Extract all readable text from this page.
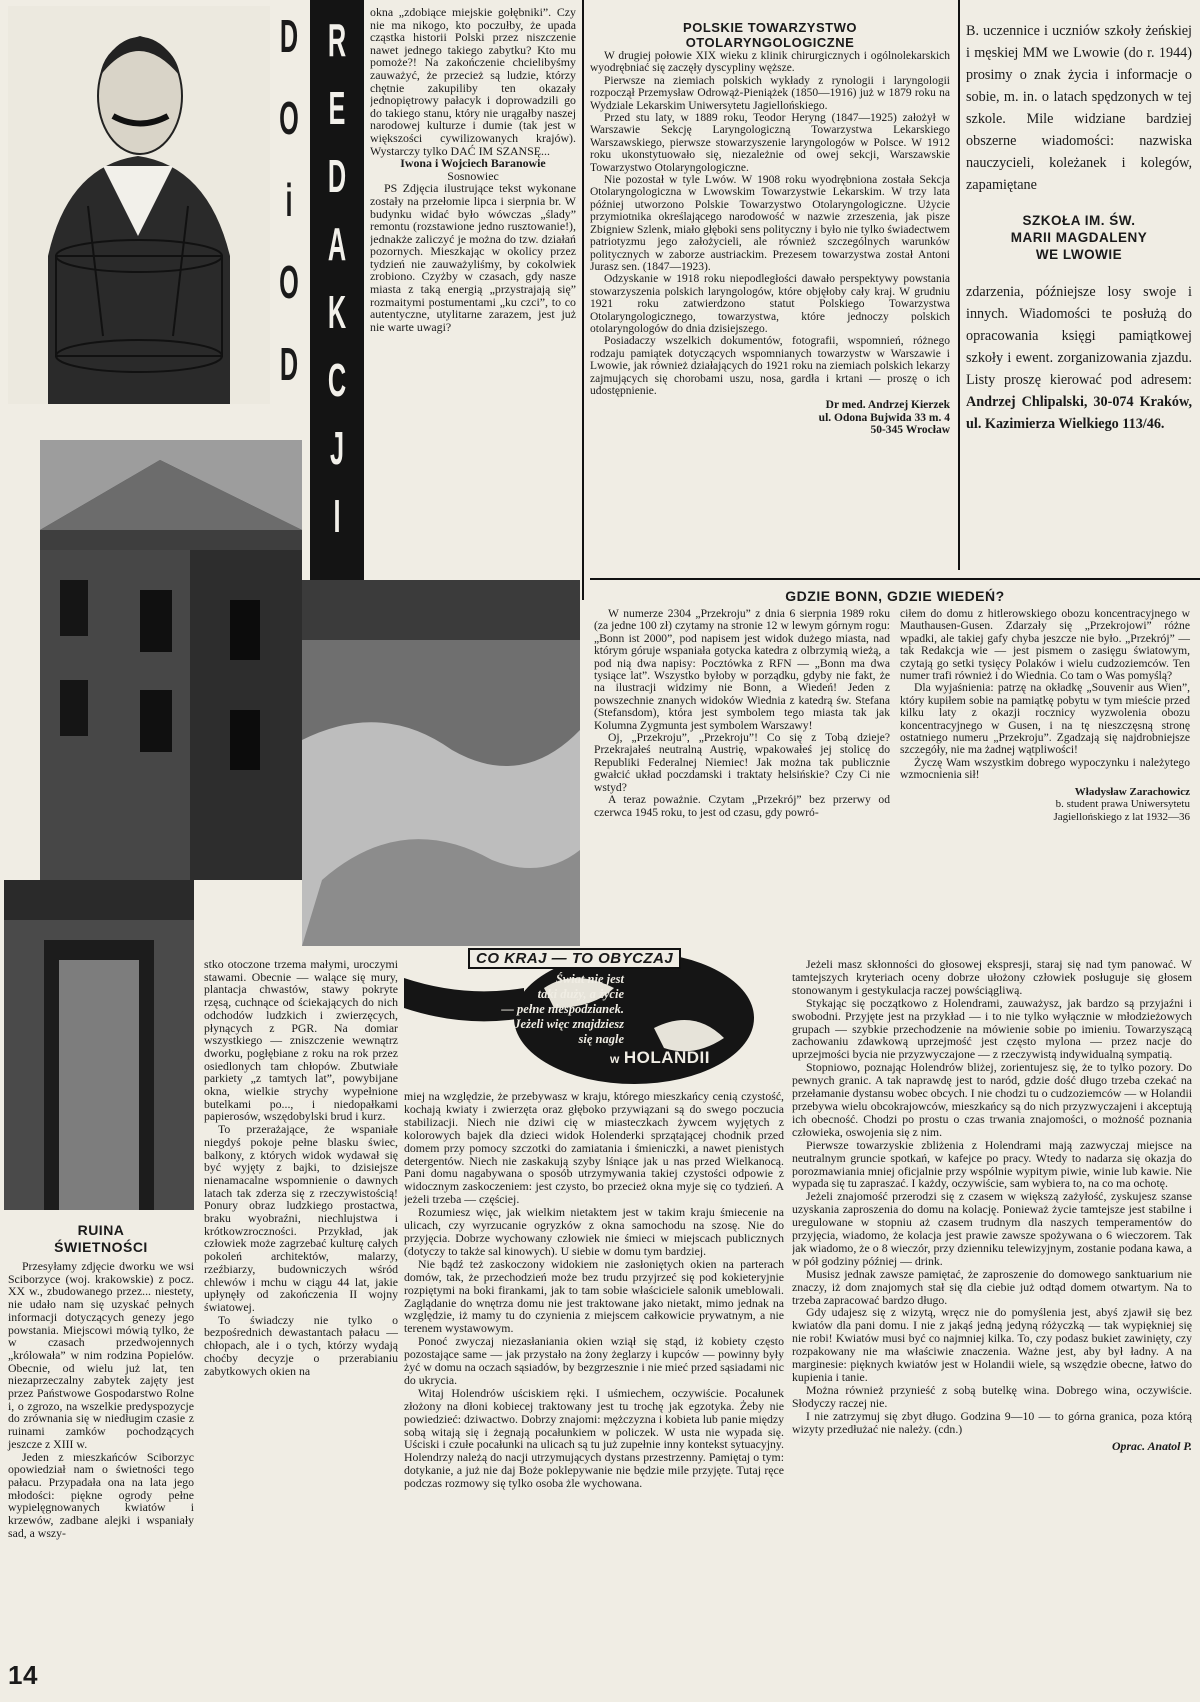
D
O
i
O
D
R
E
D
A
K
C
J
I

okna „zdobiące miejskie gołębniki”. Czy nie ma nikogo, kto poczułby, że upada cząstka historii Polski przez niszczenie nawet jednego takiego zabytku? Kto mu pomoże?! Na zakończenie chcielibyśmy zauważyć, że przecież są ludzie, którzy chętnie zakupiliby ten okazały jednopiętrowy pałacyk i doprowadzili go do takiego stanu, który nie urągałby naszej narodowej kulturze i dumie (tak jest w większości cywilizowanych krajów). Wystarczy tylko DAĆ IM SZANSĘ...

Iwona i Wojciech Baranowie

Sosnowiec

PS Zdjęcia ilustrujące tekst wykonane zostały na przełomie lipca i sierpnia br. W budynku widać było wówczas „ślady” remontu (rozstawione jedno rusztowanie!), jednakże zaliczyć je można do tzw. działań pozornych. Mieszkając w okolicy przez tydzień nie zauważyliśmy, by cokolwiek zrobiono. Czyżby w czasach, gdy nasze miasta z taką energią „przystrajają się” rozmaitymi postumentami „ku czci”, to co autentyczne, utylitarne zarazem, jest już nie warte uwagi?

POLSKIE TOWARZYSTWO
OTOLARYNGOLOGICZNE

W drugiej połowie XIX wieku z klinik chirurgicznych i ogólnolekarskich wyodrębniać się zaczęły dyscypliny węższe.

Pierwsze na ziemiach polskich wykłady z rynologii i laryngologii rozpoczął Przemysław Odrowąż-Pieniążek (1850—1916) już w 1879 roku na Wydziale Lekarskim Uniwersytetu Jagiellońskiego.

Przed stu laty, w 1889 roku, Teodor Heryng (1847—1925) założył w Warszawie Sekcję Laryngologiczną Towarzystwa Lekarskiego Warszawskiego, pierwsze stowarzyszenie laryngologów w Polsce. W 1912 roku ukonstytuowało się, niezależnie od owej sekcji, Warszawskie Towarzystwo Otolaryngologiczne.

Nie pozostał w tyle Lwów. W 1908 roku wyodrębniona została Sekcja Otolaryngologiczna w Lwowskim Towarzystwie Lekarskim. W trzy lata później utworzono Polskie Towarzystwo Otolaryngologiczne. Użycie przymiotnika określającego narodowość w nazwie zrzeszenia, jak pisze Zbigniew Szlenk, miało głęboki sens polityczny i było nie tylko świadectwem patriotyzmu jego założycieli, ale również szczególnych warunków politycznych w zaborze austriackim. Prezesem towarzystwa został Antoni Jurasz sen. (1847—1923).

Odzyskanie w 1918 roku niepodległości dawało perspektywy powstania stowarzyszenia polskich laryngologów, które objęłoby cały kraj. W grudniu 1921 roku zatwierdzono statut Polskiego Towarzystwa Otolaryngologicznego, towarzystwa, które jednoczy polskich otolaryngologów do dnia dzisiejszego.

Posiadaczy wszelkich dokumentów, fotografii, wspomnień, różnego rodzaju pamiątek dotyczących wspomnianych towarzystw w Warszawie i Lwowie, jak również działających do 1921 roku na ziemiach polskich lekarzy zajmujących się chorobami uszu, nosa, gardła i krtani — proszę o ich udostępnienie.

Dr med. Andrzej Kierzek
ul. Odona Bujwida 33 m. 4
50-345 Wrocław

B. uczennice i uczniów szkoły żeńskiej i męskiej MM we Lwowie (do r. 1944) prosimy o znak życia i informacje o sobie, m. in. o latach spędzonych w tej szkole. Mile widziane bardziej obszerne wiadomości: nazwiska nauczycieli, koleżanek i kolegów, zapamiętane

SZKOŁA IM. ŚW.
MARII MAGDALENY
WE LWOWIE

zdarzenia, późniejsze losy swoje i innych. Wiadomości te posłużą do opracowania księgi pamiątkowej szkoły i ewent. zorganizowania zjazdu. Listy proszę kierować pod adresem: Andrzej Chlipalski, 30-074 Kraków, ul. Kazimierza Wielkiego 113/46.

GDZIE BONN, GDZIE WIEDEŃ?

W numerze 2304 „Przekroju” z dnia 6 sierpnia 1989 roku (za jedne 100 zł) czytamy na stronie 12 w lewym górnym rogu: „Bonn ist 2000”, pod napisem jest widok dużego miasta, nad którym góruje wspaniała gotycka katedra z olbrzymią wieżą, a pod nią dwa napisy: Pocztówka z RFN — „Bonn ma dwa tysiące lat”. Wszystko byłoby w porządku, gdyby nie fakt, że na ilustracji widzimy nie Bonn, a Wiedeń! Jeden z powszechnie znanych widoków Wiednia z katedrą św. Stefana (Stefansdom), która jest symbolem tego miasta tak jak Kolumna Zygmunta jest symbolem Warszawy!

Oj, „Przekroju”, „Przekroju”! Co się z Tobą dzieje? Przekrajałeś neutralną Austrię, wpakowałeś jej stolicę do Republiki Federalnej Niemiec! Jak można tak publicznie gwałcić układ poczdamski i traktaty helsińskie? Czy Ci nie wstyd?

A teraz poważnie. Czytam „Przekrój” bez przerwy od czerwca 1945 roku, to jest od czasu, gdy powró-

ciłem do domu z hitlerowskiego obozu koncentracyjnego w Mauthausen-Gusen. Zdarzały się „Przekrojowi” różne wpadki, ale takiej gafy chyba jeszcze nie było. „Przekrój” — tak Redakcja wie — jest pismem o zasięgu światowym, czytają go setki tysięcy Polaków i wielu cudzoziemców. Ten numer trafi również i do Wiednia. Co tam o Was pomyślą?

Dla wyjaśnienia: patrzę na okładkę „Souvenir aus Wien”, który kupiłem sobie na pamiątkę pobytu w tym mieście przed kilku laty z okazji rocznicy wyzwolenia obozu koncentracyjnego w Gusen, i na tę nieszczęsną stronę ostatniego numeru „Przekroju”. Zgadzają się najdrobniejsze szczegóły, nie ma żadnej wątpliwości!

Życzę Wam wszystkim dobrego wypoczynku i należytego wzmocnienia sił!

Władysław Zarachowicz
b. student prawa Uniwersytetu
Jagiellońskiego z lat 1932—36
CO KRAJ — TO OBYCZAJ
Świat nie jest
taki duży, a życie
— pełne niespodzianek.
Jeżeli więc znajdziesz
się nagle
w HOLANDII

miej na względzie, że przebywasz w kraju, którego mieszkańcy cenią czystość, kochają kwiaty i zwierzęta oraz głęboko przywiązani są do swego poczucia stabilizacji. Niech nie dziwi cię w miasteczkach żywcem wyjętych z kolorowych bajek dla dzieci widok Holenderki sprzątającej chodnik przed domem przy pomocy szczotki do zamiatania i śmieniczki, a nawet pienistych detergentów. Niech nie zaskakują szyby lśniące jak u nas przed Wielkanocą. Pani domu nagabywana o sposób utrzymywania takiej czystości odpowie z widocznym zaskoczeniem: jest czysto, bo przecież okna myje się co tydzień. A jeżeli trzeba — częściej.

Rozumiesz więc, jak wielkim nietaktem jest w takim kraju śmiecenie na ulicach, czy wyrzucanie ogryzków z okna samochodu na szosę. Nie do przyjęcia. Dobrze wychowany człowiek nie śmieci w miejscach publicznych (dotyczy to także sal kinowych). U siebie w domu tym bardziej.

Nie bądź też zaskoczony widokiem nie zasłoniętych okien na parterach domów, tak, że przechodzień może bez trudu przyjrzeć się pod kokieteryjnie rozpiętymi na boki firankami, jak to tam sobie właściciele salonik umeblowali. Zaglądanie do wnętrza domu nie jest traktowane jako nietakt, mimo jednak na względzie, iż mamy tu do czynienia z miejscem całkowicie prywatnym, a nie terenem wystawowym.

Ponoć zwyczaj niezasłaniania okien wziął się stąd, iż kobiety często pozostające same — jak przystało na żony żeglarzy i kupców — powinny były żyć w domu na oczach sąsiadów, by bezgrzesznie i nie mieć przed sąsiadami nic do ukrycia.

Witaj Holendrów uściskiem ręki. I uśmiechem, oczywiście. Pocałunek złożony na dłoni kobiecej traktowany jest tu trochę jak egzotyka. Żeby nie powiedzieć: dziwactwo. Dobrzy znajomi: mężczyzna i kobieta lub panie między sobą witają się i żegnają pocałunkiem w policzek. W usta nie wypada się. Uściski i czułe pocałunki na ulicach są tu już zupełnie inny kontekst sytuacyjny. Holendrzy należą do nacji utrzymujących dystans przestrzenny. Pamiętaj o tym: dotykanie, a już nie daj Boże poklepywanie nie będzie mile przyjęte. Tutaj ręce podczas rozmowy się tylko osoba żle wychowana.

Jeżeli masz skłonności do głosowej ekspresji, staraj się nad tym panować. W tamtejszych kryteriach oceny dobrze ułożony człowiek posługuje się głosem stonowanym i gestykulacja raczej powściągliwą.

Stykając się początkowo z Holendrami, zauważysz, jak bardzo są przyjaźni i swobodni. Przyjęte jest na przykład — i to nie tylko wyłącznie w młodzieżowych grupach — szybkie przechodzenie na mówienie sobie po imieniu. Towarzyszącą zachowaniu zdawkową uprzejmość jest często mylona — przez nacje do uprzejmości bycia nie przyzwyczajone — z rzeczywistą indywidualną sympatią.

Stopniowo, poznając Holendrów bliżej, zorientujesz się, że to tylko pozory. Do pewnych granic. A tak naprawdę jest to naród, gdzie dość długo trzeba czekać na przełamanie dystansu wobec obcych. I nie chodzi tu o cudzoziemców — w Holandii przebywa wielu obcokrajowców, mieszkańcy są do nich przyzwyczajeni i akceptują ich obecność. Chodzi po prostu o czas trwania znajomości, o możność poznania człowieka, oswojenia się z nim.

Pierwsze towarzyskie zbliżenia z Holendrami mają zazwyczaj miejsce na neutralnym gruncie spotkań, w kafejce po pracy. Wtedy to nadarza się okazja do porozmawiania mniej oficjalnie przy wspólnie wypitym piwie, winie lub kawie. Nie wypada się tu zapraszać. I każdy, oczywiście, sam wybiera to, na co ma ochotę.

Jeżeli znajomość przerodzi się z czasem w większą zażyłość, zyskujesz szanse uzyskania zaproszenia do domu na kolację. Ponieważ życie tamtejsze jest stabilne i uregulowane w stopniu aż czasem trudnym dla naszych temperamentów do przyjęcia, wiadomo, że kolacja jest prawie zawsze spożywana o 6 wieczorem. Tak jak wiadomo, że o 8 wieczór, przy dzienniku telewizyjnym, zostanie podana kawa, a w pół godziny później — drink.

Musisz jednak zawsze pamiętać, że zaproszenie do domowego sanktuarium nie znaczy, iż dom znajomych stał się dla ciebie już odtąd domem otwartym. Na to trzeba zapracować bardzo długo.

Gdy udajesz się z wizytą, wręcz nie do pomyślenia jest, abyś zjawił się bez kwiatów dla pani domu. I nie z jakąś jedną jedyną różyczką — tak wypiękniej się nie robi! Kwiatów musi być co najmniej kilka. To, czy podasz bukiet zawinięty, czy rozpakowany nie ma właściwie znaczenia. Ważne jest, aby był ładny. A na marginesie: pięknych kwiatów jest w Holandii wiele, są wszędzie obecne, łatwo do kupienia i tanie.

Można również przynieść z sobą butelkę wina. Dobrego wina, oczywiście. Słodyczy raczej nie.

I nie zatrzymuj się zbyt długo. Godzina 9—10 — to górna granica, poza którą wizyty przedłużać nie należy. (cdn.)

Oprac. Anatol P.
RUINA
ŚWIETNOŚCI

Przesyłamy zdjęcie dworku we wsi Sciborzyce (woj. krakowskie) z pocz. XX w., zbudowanego przez... niestety, nie udało nam się uzyskać pełnych informacji dotyczących genezy jego powstania. Miejscowi mówią tylko, że w czasach przedwojennych „królowała” w nim rodzina Popielów. Obecnie, od wielu już lat, ten niezaprzeczalny zabytek zajęty jest przez Państwowe Gospodarstwo Rolne i, o zgrozo, na wszelkie predyspozycje do zrównania się w niedługim czasie z ruinami zamków pochodzących jeszcze z XIII w.

Jeden z mieszkańców Sciborzyc opowiedział nam o świetności tego pałacu. Przypadała ona na lata jego młodości: piękne ogrody pełne wypielęgnowanych kwiatów i krzewów, zadbane alejki i wspaniały sad, a wszy-

stko otoczone trzema małymi, uroczymi stawami. Obecnie — walące się mury, plantacja chwastów, stawy pokryte rzęsą, cuchnące od ściekających do nich odchodów ludzkich i zwierzęcych, płynących z PGR. Na domiar wszystkiego — zniszczenie wewnątrz dworku, pogłębiane z roku na rok przez osiedlonych tam chłopów. Zbutwiałe parkiety „z tamtych lat”, powybijane okna, wielkie strychy wypełnione butelkami po..., i niedopałkami papierosów, wszędobylski brud i kurz.

To przerażające, że wspaniałe niegdyś pokoje pełne blasku świec, balkony, z których widok wydawał się być wyjęty z bajki, to dzisiejsze nienamacalne wspomnienie o dawnych latach tak zderza się z rzeczywistością! Ponury obraz ludzkiego prostactwa, braku wyobraźni, niechlujstwa i krótkowzroczności. Przykład, jak człowiek może zagrzebać kulturę całych pokoleń architektów, malarzy, rzeźbiarzy, budowniczych wśród chlewów i mchu w ciągu 44 lat, jakie upłynęły od zakończenia II wojny światowej.

To świadczy nie tylko o bezpośrednich dewastantach pałacu — chłopach, ale i o tych, którzy wydają choćby decyzje o przerabianiu zabytkowych okien na

14
